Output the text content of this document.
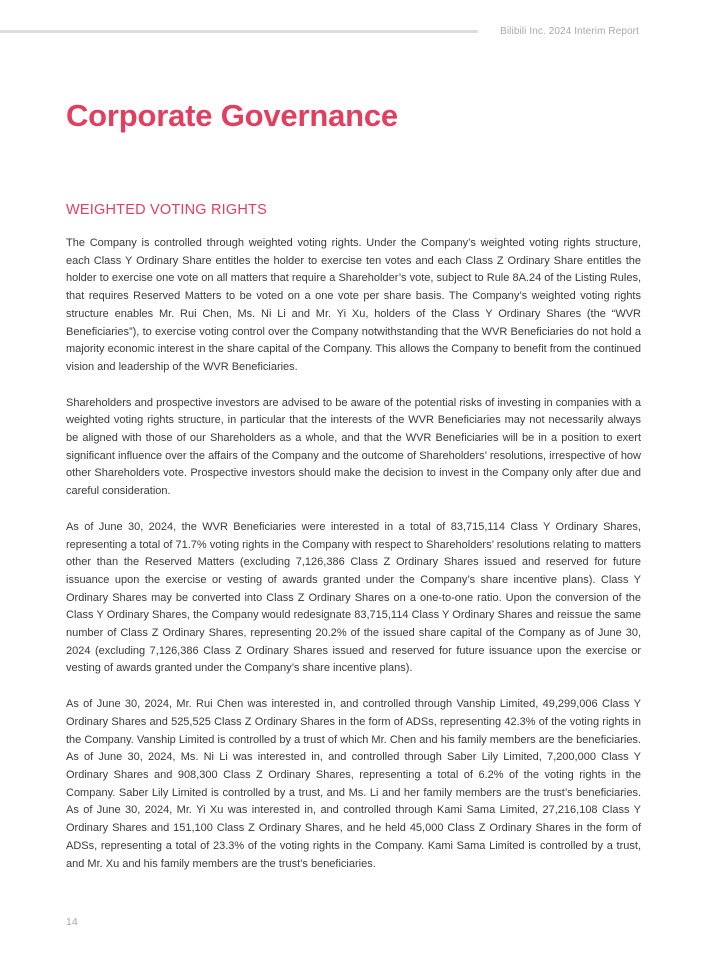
Bilibili Inc. 2024 Interim Report
Corporate Governance
WEIGHTED VOTING RIGHTS

The Company is controlled through weighted voting rights. Under the Company’s weighted voting rights structure, each Class Y Ordinary Share entitles the holder to exercise ten votes and each Class Z Ordinary Share entitles the holder to exercise one vote on all matters that require a Shareholder’s vote, subject to Rule 8A.24 of the Listing Rules, that requires Reserved Matters to be voted on a one vote per share basis. The Company’s weighted voting rights structure enables Mr. Rui Chen, Ms. Ni Li and Mr. Yi Xu, holders of the Class Y Ordinary Shares (the “WVR Beneficiaries”), to exercise voting control over the Company notwithstanding that the WVR Beneficiaries do not hold a majority economic interest in the share capital of the Company. This allows the Company to benefit from the continued vision and leadership of the WVR Beneficiaries.

Shareholders and prospective investors are advised to be aware of the potential risks of investing in companies with a weighted voting rights structure, in particular that the interests of the WVR Beneficiaries may not necessarily always be aligned with those of our Shareholders as a whole, and that the WVR Beneficiaries will be in a position to exert significant influence over the affairs of the Company and the outcome of Shareholders’ resolutions, irrespective of how other Shareholders vote. Prospective investors should make the decision to invest in the Company only after due and careful consideration.

As of June 30, 2024, the WVR Beneficiaries were interested in a total of 83,715,114 Class Y Ordinary Shares, representing a total of 71.7% voting rights in the Company with respect to Shareholders’ resolutions relating to matters other than the Reserved Matters (excluding 7,126,386 Class Z Ordinary Shares issued and reserved for future issuance upon the exercise or vesting of awards granted under the Company’s share incentive plans). Class Y Ordinary Shares may be converted into Class Z Ordinary Shares on a one-to-one ratio. Upon the conversion of the Class Y Ordinary Shares, the Company would redesignate 83,715,114 Class Y Ordinary Shares and reissue the same number of Class Z Ordinary Shares, representing 20.2% of the issued share capital of the Company as of June 30, 2024 (excluding 7,126,386 Class Z Ordinary Shares issued and reserved for future issuance upon the exercise or vesting of awards granted under the Company’s share incentive plans).

As of June 30, 2024, Mr. Rui Chen was interested in, and controlled through Vanship Limited, 49,299,006 Class Y Ordinary Shares and 525,525 Class Z Ordinary Shares in the form of ADSs, representing 42.3% of the voting rights in the Company. Vanship Limited is controlled by a trust of which Mr. Chen and his family members are the beneficiaries. As of June 30, 2024, Ms. Ni Li was interested in, and controlled through Saber Lily Limited, 7,200,000 Class Y Ordinary Shares and 908,300 Class Z Ordinary Shares, representing a total of 6.2% of the voting rights in the Company. Saber Lily Limited is controlled by a trust, and Ms. Li and her family members are the trust’s beneficiaries. As of June 30, 2024, Mr. Yi Xu was interested in, and controlled through Kami Sama Limited, 27,216,108 Class Y Ordinary Shares and 151,100 Class Z Ordinary Shares, and he held 45,000 Class Z Ordinary Shares in the form of ADSs, representing a total of 23.3% of the voting rights in the Company. Kami Sama Limited is controlled by a trust, and Mr. Xu and his family members are the trust’s beneficiaries.

14
